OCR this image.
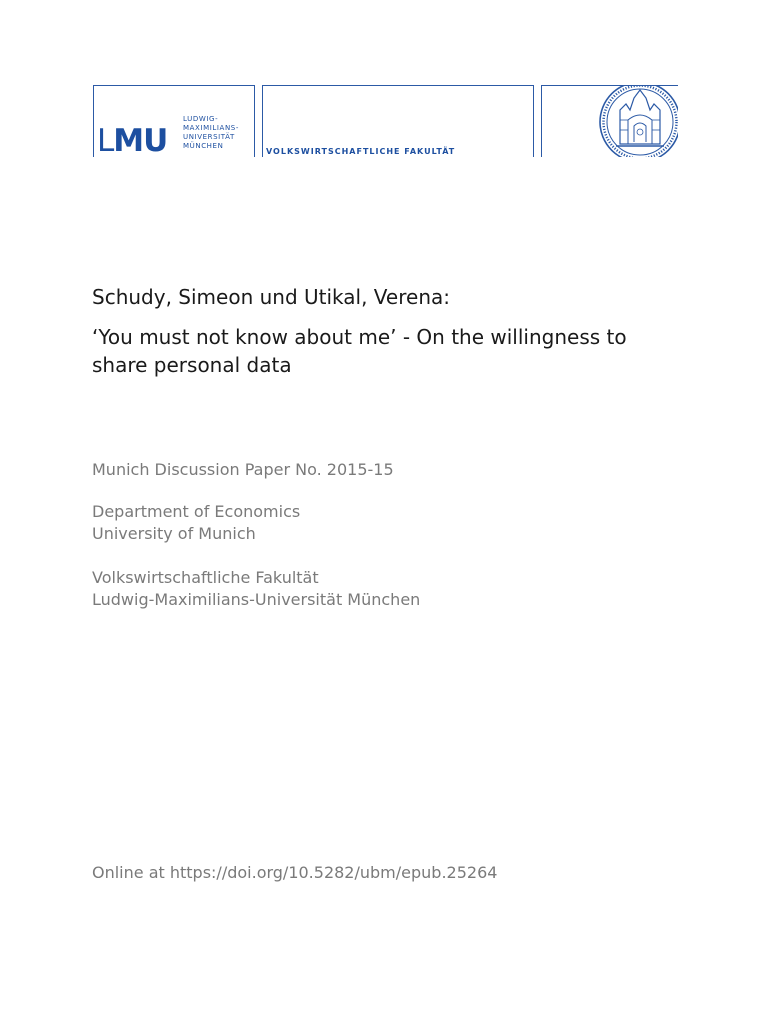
LMU
LUDWIG-
MAXIMILIANS-
UNIVERSITÄT
MÜNCHEN
VOLKSWIRTSCHAFTLICHE FAKULTÄT
Schudy, Simeon und Utikal, Verena:
‘You must not know about me’ - On the willingness to
share personal data
Munich Discussion Paper No. 2015-15
Department of Economics
University of Munich
Volkswirtschaftliche Fakultät
Ludwig-Maximilians-Universität München
Online at https://doi.org/10.5282/ubm/epub.25264
